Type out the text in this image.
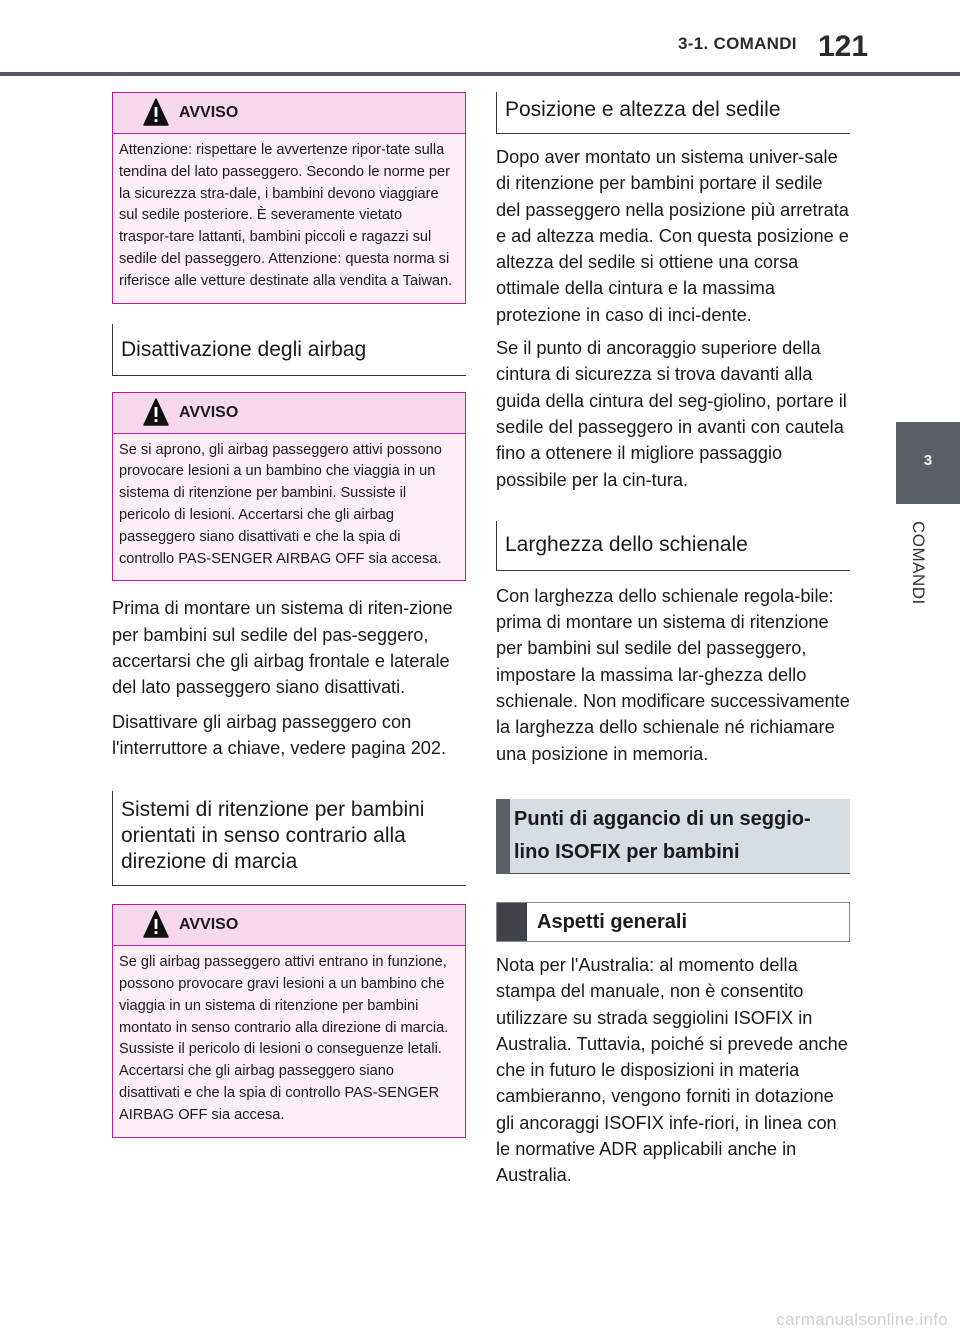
3-1. COMANDI 121
3
COMANDI
AVVISO
Attenzione: rispettare le avvertenze ripor-tate sulla tendina del lato passeggero. Secondo le norme per la sicurezza stra-dale, i bambini devono viaggiare sul sedile posteriore. È severamente vietato traspor-tare lattanti, bambini piccoli e ragazzi sul sedile del passeggero. Attenzione: questa norma si riferisce alle vetture destinate alla vendita a Taiwan.
Disattivazione degli airbag
AVVISO
Se si aprono, gli airbag passeggero attivi possono provocare lesioni a un bambino che viaggia in un sistema di ritenzione per bambini. Sussiste il pericolo di lesioni. Accertarsi che gli airbag passeggero siano disattivati e che la spia di controllo PAS-SENGER AIRBAG OFF sia accesa.

Prima di montare un sistema di riten-zione per bambini sul sedile del pas-seggero, accertarsi che gli airbag frontale e laterale del lato passeggero siano disattivati.

Disattivare gli airbag passeggero con l'interruttore a chiave, vedere pagina 202.

Sistemi di ritenzione per bambini orientati in senso contrario alla direzione di marcia
AVVISO
Se gli airbag passeggero attivi entrano in funzione, possono provocare gravi lesioni a un bambino che viaggia in un sistema di ritenzione per bambini montato in senso contrario alla direzione di marcia. Sussiste il pericolo di lesioni o conseguenze letali. Accertarsi che gli airbag passeggero siano disattivati e che la spia di controllo PAS-SENGER AIRBAG OFF sia accesa.
Posizione e altezza del sedile

Dopo aver montato un sistema univer-sale di ritenzione per bambini portare il sedile del passeggero nella posizione più arretrata e ad altezza media. Con questa posizione e altezza del sedile si ottiene una corsa ottimale della cintura e la massima protezione in caso di inci-dente.

Se il punto di ancoraggio superiore della cintura di sicurezza si trova davanti alla guida della cintura del seg-giolino, portare il sedile del passeggero in avanti con cautela fino a ottenere il migliore passaggio possibile per la cin-tura.

Larghezza dello schienale

Con larghezza dello schienale regola-bile: prima di montare un sistema di ritenzione per bambini sul sedile del passeggero, impostare la massima lar-ghezza dello schienale. Non modificare successivamente la larghezza dello schienale né richiamare una posizione in memoria.

Punti di aggancio di un seggio-lino ISOFIX per bambini
Aspetti generali

Nota per l'Australia: al momento della stampa del manuale, non è consentito utilizzare su strada seggiolini ISOFIX in Australia. Tuttavia, poiché si prevede anche che in futuro le disposizioni in materia cambieranno, vengono forniti in dotazione gli ancoraggi ISOFIX infe-riori, in linea con le normative ADR applicabili anche in Australia.

carmanualsonline.info
